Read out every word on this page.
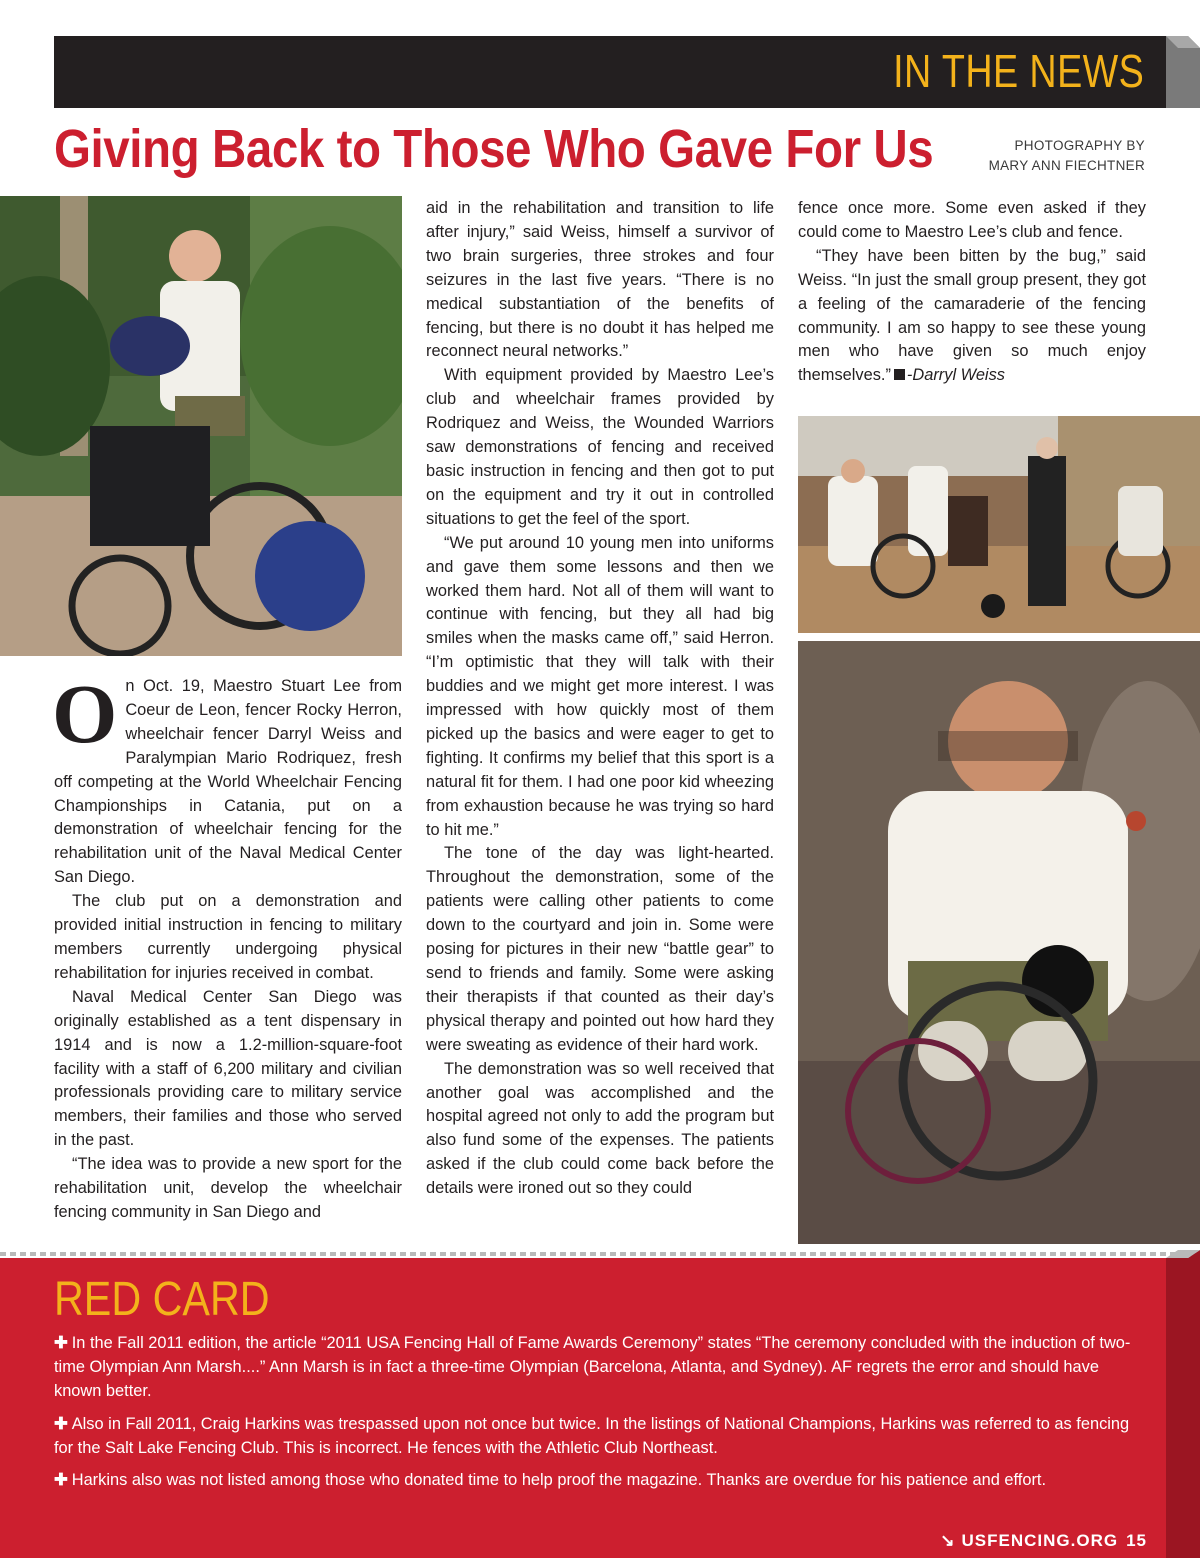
IN THE NEWS
Giving Back to Those Who Gave For Us	PHOTOGRAPHY BY
MARY ANN FIECHTNER

On Oct. 19, Maestro Stuart Lee from Coeur de Leon, fencer Rocky Herron, wheelchair fencer Darryl Weiss and Paralympian Mario Rodriquez, fresh off competing at the World Wheelchair Fencing Championships in Catania, put on a demonstration of wheelchair fencing for the rehabilitation unit of the Naval Medical Center San Diego.

The club put on a demonstration and provided initial instruction in fencing to military members currently undergoing physical rehabilitation for injuries received in combat.

Naval Medical Center San Diego was originally established as a tent dispensary in 1914 and is now a 1.2-million-square-foot facility with a staff of 6,200 military and civilian professionals providing care to military service members, their families and those who served in the past.

“The idea was to provide a new sport for the rehabilitation unit, develop the wheelchair fencing community in San Diego and

aid in the rehabilitation and transition to life after injury,” said Weiss, himself a survivor of two brain surgeries, three strokes and four seizures in the last five years. “There is no medical substantiation of the benefits of fencing, but there is no doubt it has helped me reconnect neural networks.”

With equipment provided by Maestro Lee’s club and wheelchair frames provided by Rodriquez and Weiss, the Wounded Warriors saw demonstrations of fencing and received basic instruction in fencing and then got to put on the equipment and try it out in controlled situations to get the feel of the sport.

“We put around 10 young men into uniforms and gave them some lessons and then we worked them hard. Not all of them will want to continue with fencing, but they all had big smiles when the masks came off,” said Herron. “I’m optimistic that they will talk with their buddies and we might get more interest. I was impressed with how quickly most of them picked up the basics and were eager to get to fighting. It confirms my belief that this sport is a natural fit for them. I had one poor kid wheezing from exhaustion because he was trying so hard to hit me.”

The tone of the day was light-hearted. Throughout the demonstration, some of the patients were calling other patients to come down to the courtyard and join in. Some were posing for pictures in their new “battle gear” to send to friends and family. Some were asking their therapists if that counted as their day’s physical therapy and pointed out how hard they were sweating as evidence of their hard work.

The demonstration was so well received that another goal was accomplished and the hospital agreed not only to add the program but also fund some of the expenses. The patients asked if the club could come back before the details were ironed out so they could

fence once more. Some even asked if they could come to Maestro Lee’s club and fence.

“They have been bitten by the bug,” said Weiss. “In just the small group present, they got a feeling of the camaraderie of the fencing community. I am so happy to see these young men who have given so much enjoy themselves.” -Darryl Weiss

RED CARD
✚ In the Fall 2011 edition, the article “2011 USA Fencing Hall of Fame Awards Ceremony” states “The ceremony concluded with the induction of two-time Olympian Ann Marsh....” Ann Marsh is in fact a three-time Olympian (Barcelona, Atlanta, and Sydney). AF regrets the error and should have known better.
✚ Also in Fall 2011, Craig Harkins was trespassed upon not once but twice. In the listings of National Champions, Harkins was referred to as fencing for the Salt Lake Fencing Club. This is incorrect. He fences with the Athletic Club Northeast.
✚ Harkins also was not listed among those who donated time to help proof the magazine. Thanks are overdue for his patience and effort.
↘ USFENCING.ORG 15
